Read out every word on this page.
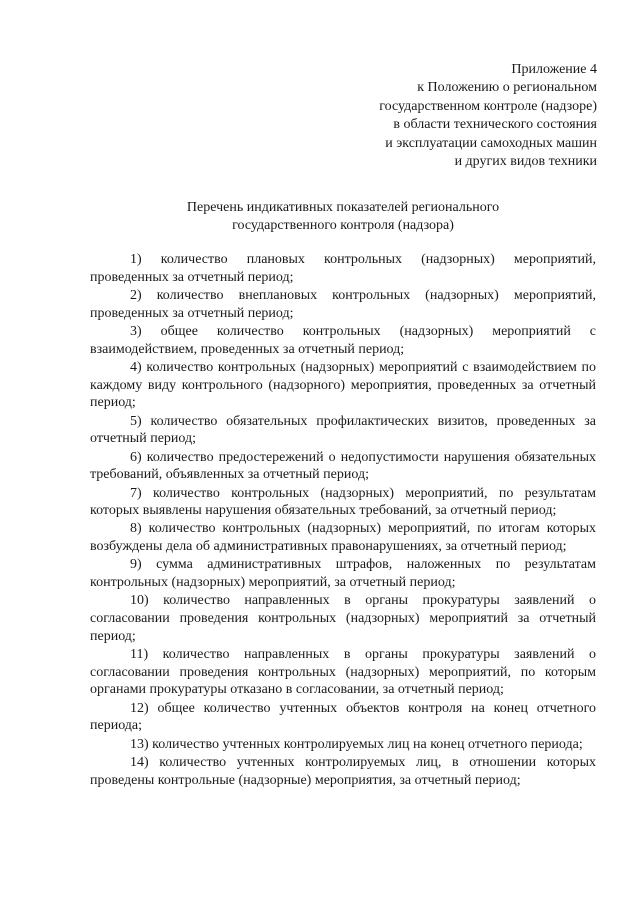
Приложение 4
к Положению о региональном
государственном контроле (надзоре)
в области технического состояния
и эксплуатации самоходных машин
и других видов техники
Перечень индикативных показателей регионального
государственного контроля (надзора)

1) количество плановых контрольных (надзорных) мероприятий, проведенных за отчетный период;

2) количество внеплановых контрольных (надзорных) мероприятий, проведенных за отчетный период;

3) общее количество контрольных (надзорных) мероприятий с взаимодействием, проведенных за отчетный период;

4) количество контрольных (надзорных) мероприятий с взаимодействием по каждому виду контрольного (надзорного) мероприятия, проведенных за отчетный период;

5) количество обязательных профилактических визитов, проведенных за отчетный период;

6) количество предостережений о недопустимости нарушения обязательных требований, объявленных за отчетный период;

7) количество контрольных (надзорных) мероприятий, по результатам которых выявлены нарушения обязательных требований, за отчетный период;

8) количество контрольных (надзорных) мероприятий, по итогам которых возбуждены дела об административных правонарушениях, за отчетный период;

9) сумма административных штрафов, наложенных по результатам контрольных (надзорных) мероприятий, за отчетный период;

10) количество направленных в органы прокуратуры заявлений о согласовании проведения контрольных (надзорных) мероприятий за отчетный период;

11) количество направленных в органы прокуратуры заявлений о согласовании проведения контрольных (надзорных) мероприятий, по которым органами прокуратуры отказано в согласовании, за отчетный период;

12) общее количество учтенных объектов контроля на конец отчетного периода;

13) количество учтенных контролируемых лиц на конец отчетного периода;

14) количество учтенных контролируемых лиц, в отношении которых проведены контрольные (надзорные) мероприятия, за отчетный период;
